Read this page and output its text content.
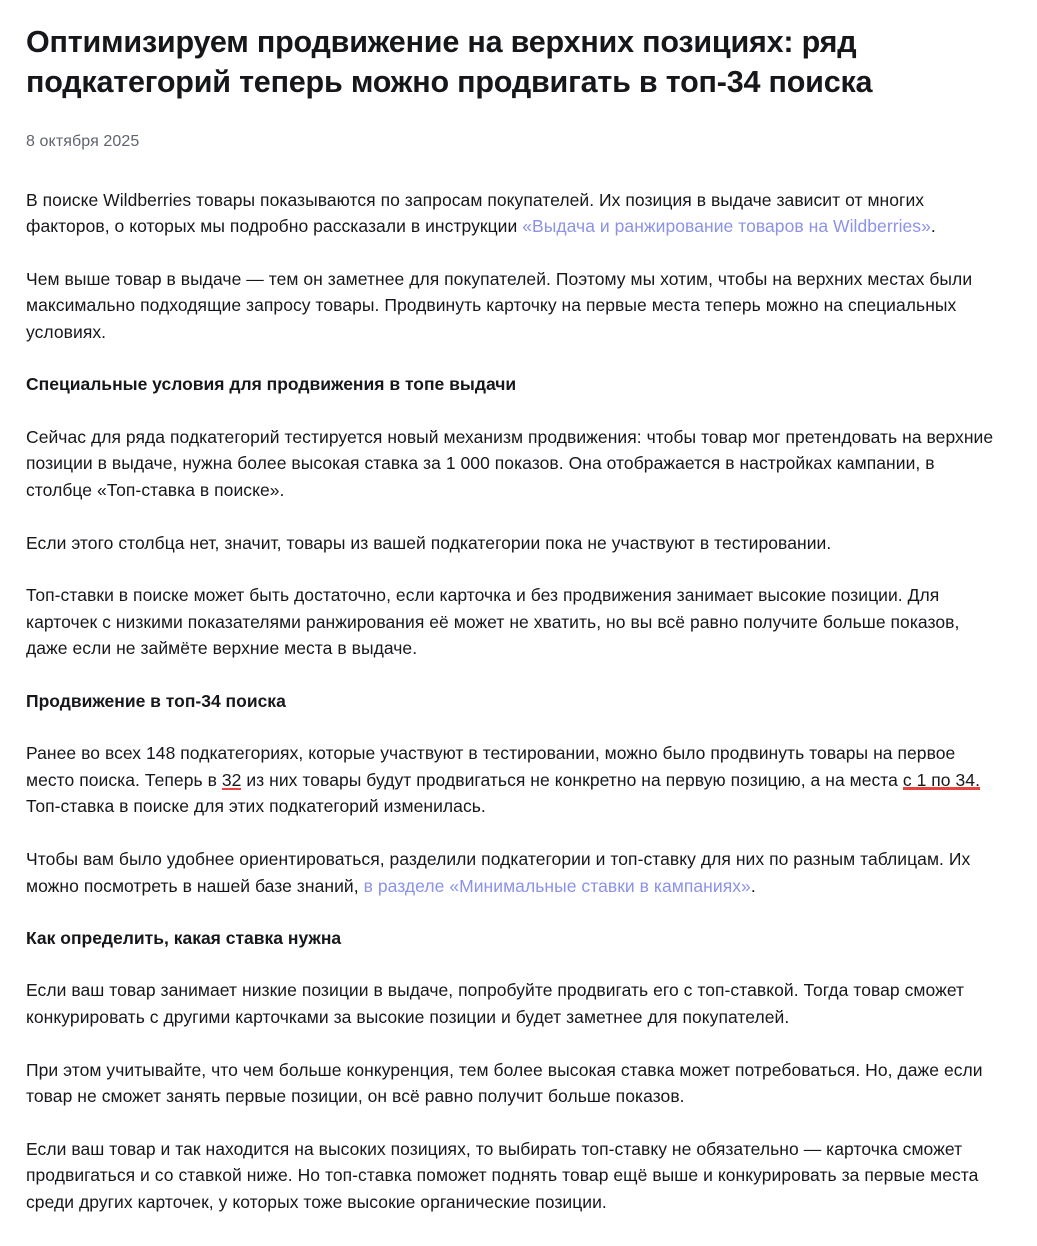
Оптимизируем продвижение на верхних позициях: ряд подкатегорий теперь можно продвигать в топ-34 поиска
8 октября 2025

В поиске Wildberries товары показываются по запросам покупателей. Их позиция в выдаче зависит от многих факторов, о которых мы подробно рассказали в инструкции «Выдача и ранжирование товаров на Wildberries».

Чем выше товар в выдаче — тем он заметнее для покупателей. Поэтому мы хотим, чтобы на верхних местах были максимально подходящие запросу товары. Продвинуть карточку на первые места теперь можно на специальных условиях.

Специальные условия для продвижения в топе выдачи

Сейчас для ряда подкатегорий тестируется новый механизм продвижения: чтобы товар мог претендовать на верхние позиции в выдаче, нужна более высокая ставка за 1 000 показов. Она отображается в настройках кампании, в столбце «Топ-ставка в поиске».

Если этого столбца нет, значит, товары из вашей подкатегории пока не участвуют в тестировании.

Топ-ставки в поиске может быть достаточно, если карточка и без продвижения занимает высокие позиции. Для карточек с низкими показателями ранжирования её может не хватить, но вы всё равно получите больше показов, даже если не займёте верхние места в выдаче.

Продвижение в топ-34 поиска

Ранее во всех 148 подкатегориях, которые участвуют в тестировании, можно было продвинуть товары на первое место поиска. Теперь в 32 из них товары будут продвигаться не конкретно на первую позицию, а на места с 1 по 34. Топ-ставка в поиске для этих подкатегорий изменилась.

Чтобы вам было удобнее ориентироваться, разделили подкатегории и топ-ставку для них по разным таблицам. Их можно посмотреть в нашей базе знаний, в разделе «Минимальные ставки в кампаниях».

Как определить, какая ставка нужна

Если ваш товар занимает низкие позиции в выдаче, попробуйте продвигать его с топ-ставкой. Тогда товар сможет конкурировать с другими карточками за высокие позиции и будет заметнее для покупателей.

При этом учитывайте, что чем больше конкуренция, тем более высокая ставка может потребоваться. Но, даже если товар не сможет занять первые позиции, он всё равно получит больше показов.

Если ваш товар и так находится на высоких позициях, то выбирать топ-ставку не обязательно — карточка сможет продвигаться и со ставкой ниже. Но топ-ставка поможет поднять товар ещё выше и конкурировать за первые места среди других карточек, у которых тоже высокие органические позиции.
